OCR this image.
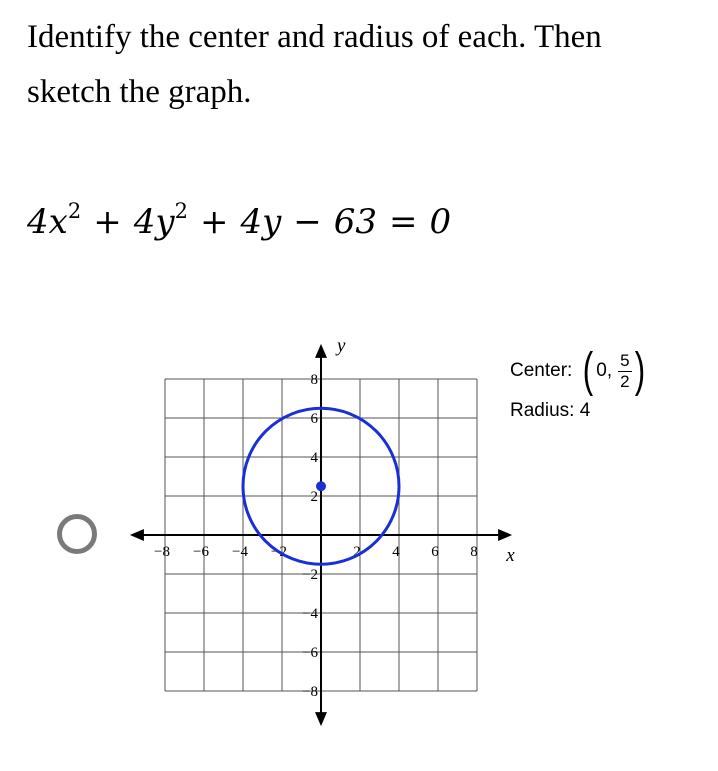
Identify the center and radius of each. Then
sketch the graph.
$4x^2 + 4y^2 + 4y - 63 = 0$
−8 −6 −4 −2	2 4 6 8
8
6
4
2
−2
−4
−6
−8
x
y
Center: ( 0, $\frac{5}{2}$ )
Radius: 4
